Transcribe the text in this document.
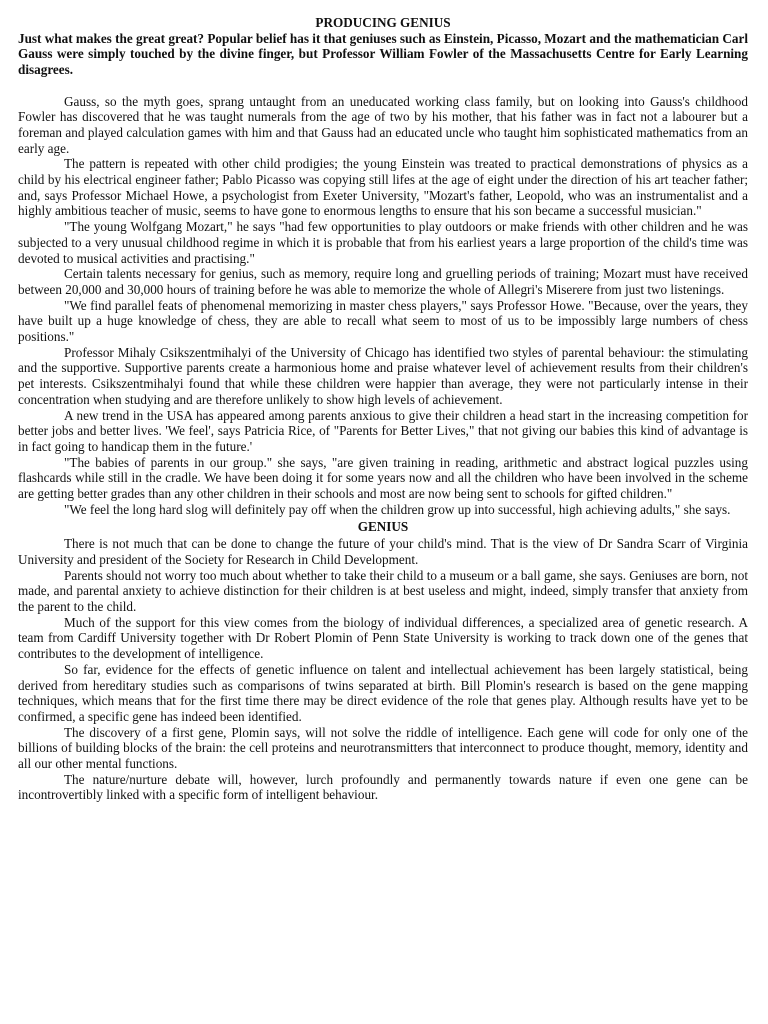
PRODUCING GENIUS

Just what makes the great great? Popular belief has it that geniuses such as Einstein, Picasso, Mozart and the mathematician Carl Gauss were simply touched by the divine finger, but Professor William Fowler of the Massachusetts Centre for Early Learning disagrees.

Gauss, so the myth goes, sprang untaught from an uneducated working class family, but on looking into Gauss's childhood Fowler has discovered that he was taught numerals from the age of two by his mother, that his father was in fact not a labourer but a foreman and played calculation games with him and that Gauss had an educated uncle who taught him sophisticated mathematics from an early age.

The pattern is repeated with other child prodigies; the young Einstein was treated to practical demonstrations of physics as a child by his electrical engineer father; Pablo Picasso was copying still lifes at the age of eight under the direction of his art teacher father; and, says Professor Michael Howe, a psychologist from Exeter University, "Mozart's father, Leopold, who was an instrumentalist and a highly ambitious teacher of music, seems to have gone to enormous lengths to ensure that his son became a successful musician."

"The young Wolfgang Mozart," he says "had few opportunities to play outdoors or make friends with other children and he was subjected to a very unusual childhood regime in which it is probable that from his earliest years a large proportion of the child's time was devoted to musical activities and practising."

Certain talents necessary for genius, such as memory, require long and gruelling periods of training; Mozart must have received between 20,000 and 30,000 hours of training before he was able to memorize the whole of Allegri's Miserere from just two listenings.

"We find parallel feats of phenomenal memorizing in master chess players," says Professor Howe. "Because, over the years, they have built up a huge knowledge of chess, they are able to recall what seem to most of us to be impossibly large numbers of chess positions."

Professor Mihaly Csikszentmihalyi of the University of Chicago has identified two styles of parental behaviour: the stimulating and the supportive. Supportive parents create a harmonious home and praise whatever level of achievement results from their children's pet interests. Csikszentmihalyi found that while these children were happier than average, they were not particularly intense in their concentration when studying and are therefore unlikely to show high levels of achievement.

A new trend in the USA has appeared among parents anxious to give their children a head start in the increasing competition for better jobs and better lives. 'We feel', says Patricia Rice, of "Parents for Better Lives," that not giving our babies this kind of advantage is in fact going to handicap them in the future.'

"The babies of parents in our group." she says, "are given training in reading, arithmetic and abstract logical puzzles using flashcards while still in the cradle. We have been doing it for some years now and all the children who have been involved in the scheme are getting better grades than any other children in their schools and most are now being sent to schools for gifted children."

"We feel the long hard slog will definitely pay off when the children grow up into successful, high achieving adults," she says.

GENIUS

There is not much that can be done to change the future of your child's mind. That is the view of Dr Sandra Scarr of Virginia University and president of the Society for Research in Child Development.

Parents should not worry too much about whether to take their child to a museum or a ball game, she says. Geniuses are born, not made, and parental anxiety to achieve distinction for their children is at best useless and might, indeed, simply transfer that anxiety from the parent to the child.

Much of the support for this view comes from the biology of individual differences, a specialized area of genetic research. A team from Cardiff University together with Dr Robert Plomin of Penn State University is working to track down one of the genes that contributes to the development of intelligence.

So far, evidence for the effects of genetic influence on talent and intellectual achievement has been largely statistical, being derived from hereditary studies such as comparisons of twins separated at birth. Bill Plomin's research is based on the gene mapping techniques, which means that for the first time there may be direct evidence of the role that genes play. Although results have yet to be confirmed, a specific gene has indeed been identified.

The discovery of a first gene, Plomin says, will not solve the riddle of intelligence. Each gene will code for only one of the billions of building blocks of the brain: the cell proteins and neurotransmitters that interconnect to produce thought, memory, identity and all our other mental functions.

The nature/nurture debate will, however, lurch profoundly and permanently towards nature if even one gene can be incontrovertibly linked with a specific form of intelligent behaviour.
